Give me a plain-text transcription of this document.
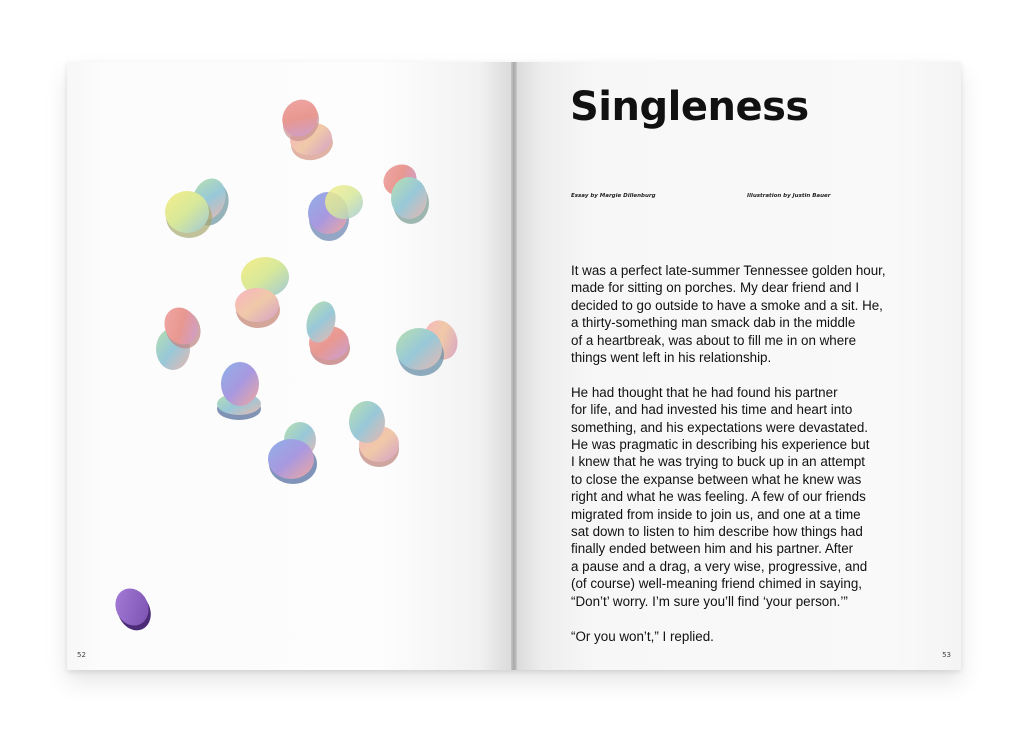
52
Singleness
Essay by Margie Dillenburg	Illustration by Justin Bauer

It was a perfect late-summer Tennessee golden hour,
made for sitting on porches. My dear friend and I
decided to go outside to have a smoke and a sit. He,
a thirty-something man smack dab in the middle
of a heartbreak, was about to fill me in on where
things went left in his relationship.

He had thought that he had found his partner
for life, and had invested his time and heart into
something, and his expectations were devastated.
He was pragmatic in describing his experience but
I knew that he was trying to buck up in an attempt
to close the expanse between what he knew was
right and what he was feeling. A few of our friends
migrated from inside to join us, and one at a time
sat down to listen to him describe how things had
finally ended between him and his partner. After
a pause and a drag, a very wise, progressive, and
(of course) well-meaning friend chimed in saying,
“Don’t’ worry. I’m sure you’ll find ‘your person.’”

“Or you won’t,” I replied.

53
